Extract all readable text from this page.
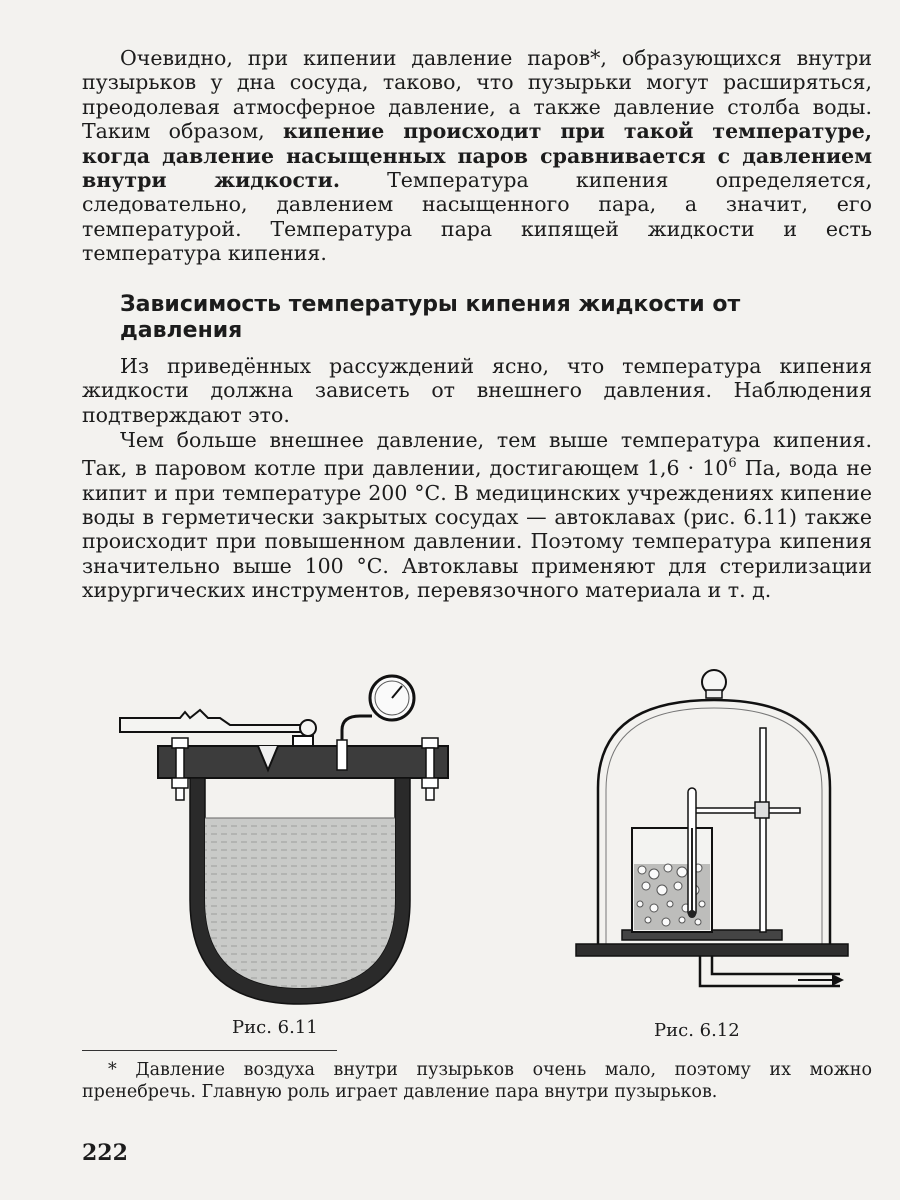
Очевидно, при кипении давление паров*, образующихся внутри пузырьков у дна сосуда, таково, что пузырьки могут расширяться, преодолевая атмосферное давление, а также давление столба воды. Таким образом, кипение происходит при такой температуре, когда давление насыщенных паров сравнивается с давлением внутри жидкости. Температура кипения определяется, следовательно, давлением насыщенного пара, а значит, его температурой. Температура пара кипящей жидкости и есть температура кипения.

Зависимость температуры кипения жидкости от давления

Из приведённых рассуждений ясно, что температура кипения жидкости должна зависеть от внешнего давления. Наблюдения подтверждают это.

Чем больше внешнее давление, тем выше температура кипения. Так, в паровом котле при давлении, достигающем $1,6 \cdot 10^6$ Па, вода не кипит и при температуре 200 °С. В медицинских учреждениях кипение воды в герметически закрытых сосудах — автоклавах (рис. 6.11) также происходит при повышенном давлении. Поэтому температура кипения значительно выше 100 °С. Автоклавы применяют для стерилизации хирургических инструментов, перевязочного материала и т. д.

Рис. 6.11	Рис. 6.12

* Давление воздуха внутри пузырьков очень мало, поэтому их можно пренебречь. Главную роль играет давление пара внутри пузырьков.

222
